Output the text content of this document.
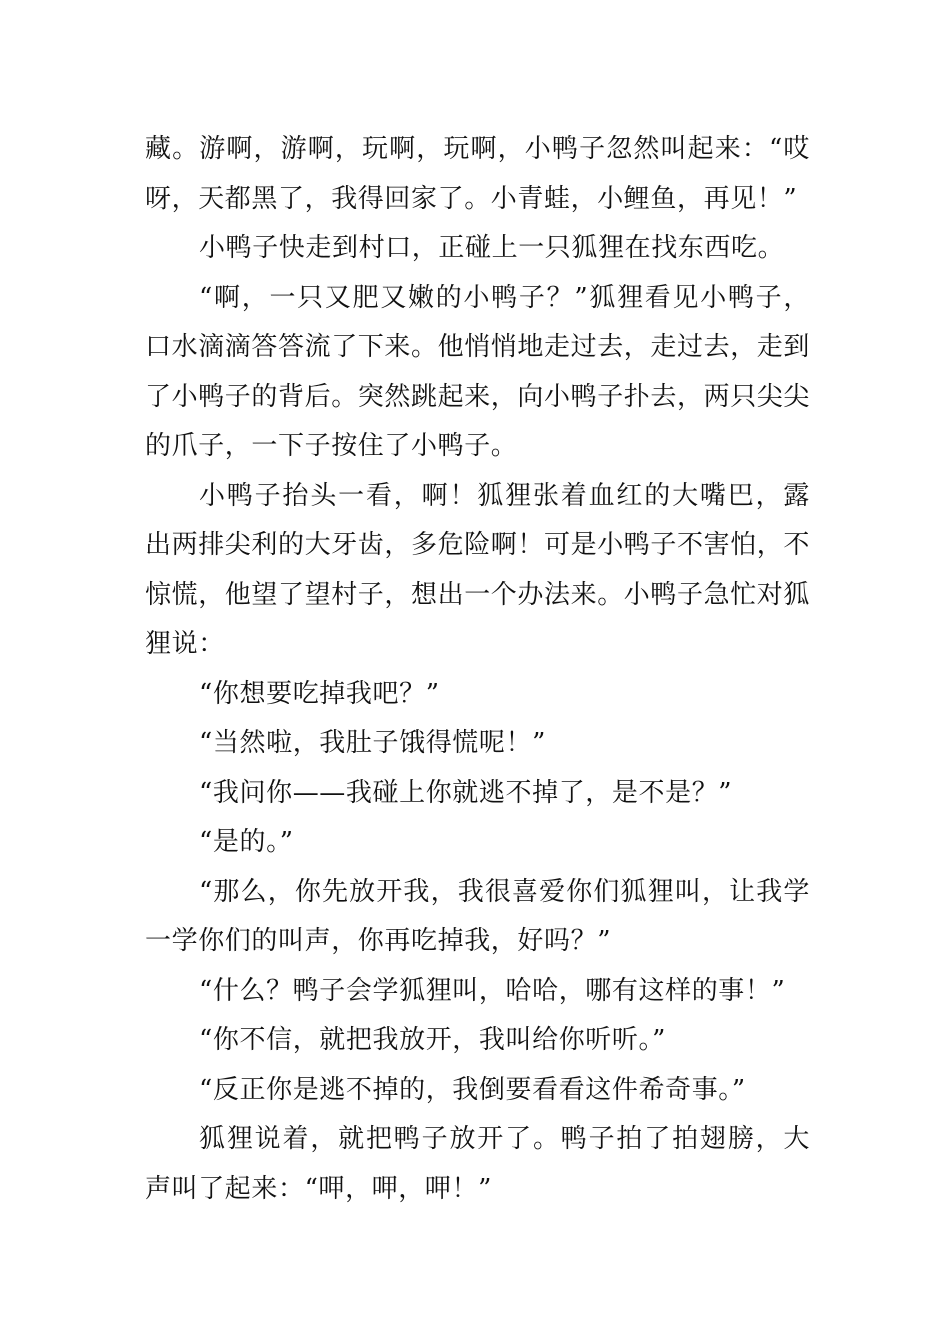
藏。游啊，游啊，玩啊，玩啊，小鸭子忽然叫起来：“哎呀，天都黑了，我得回家了。小青蛙，小鲤鱼，再见！”

小鸭子快走到村口，正碰上一只狐狸在找东西吃。

“啊，一只又肥又嫩的小鸭子？”狐狸看见小鸭子，口水滴滴答答流了下来。他悄悄地走过去，走过去，走到了小鸭子的背后。突然跳起来，向小鸭子扑去，两只尖尖的爪子，一下子按住了小鸭子。

小鸭子抬头一看，啊！狐狸张着血红的大嘴巴，露出两排尖利的大牙齿，多危险啊！可是小鸭子不害怕，不惊慌，他望了望村子，想出一个办法来。小鸭子急忙对狐狸说：

“你想要吃掉我吧？”

“当然啦，我肚子饿得慌呢！”

“我问你——我碰上你就逃不掉了，是不是？”

“是的。”

“那么，你先放开我，我很喜爱你们狐狸叫，让我学一学你们的叫声，你再吃掉我，好吗？”

“什么？鸭子会学狐狸叫，哈哈，哪有这样的事！”

“你不信，就把我放开，我叫给你听听。”

“反正你是逃不掉的，我倒要看看这件希奇事。”

狐狸说着，就把鸭子放开了。鸭子拍了拍翅膀，大声叫了起来：“呷，呷，呷！”
